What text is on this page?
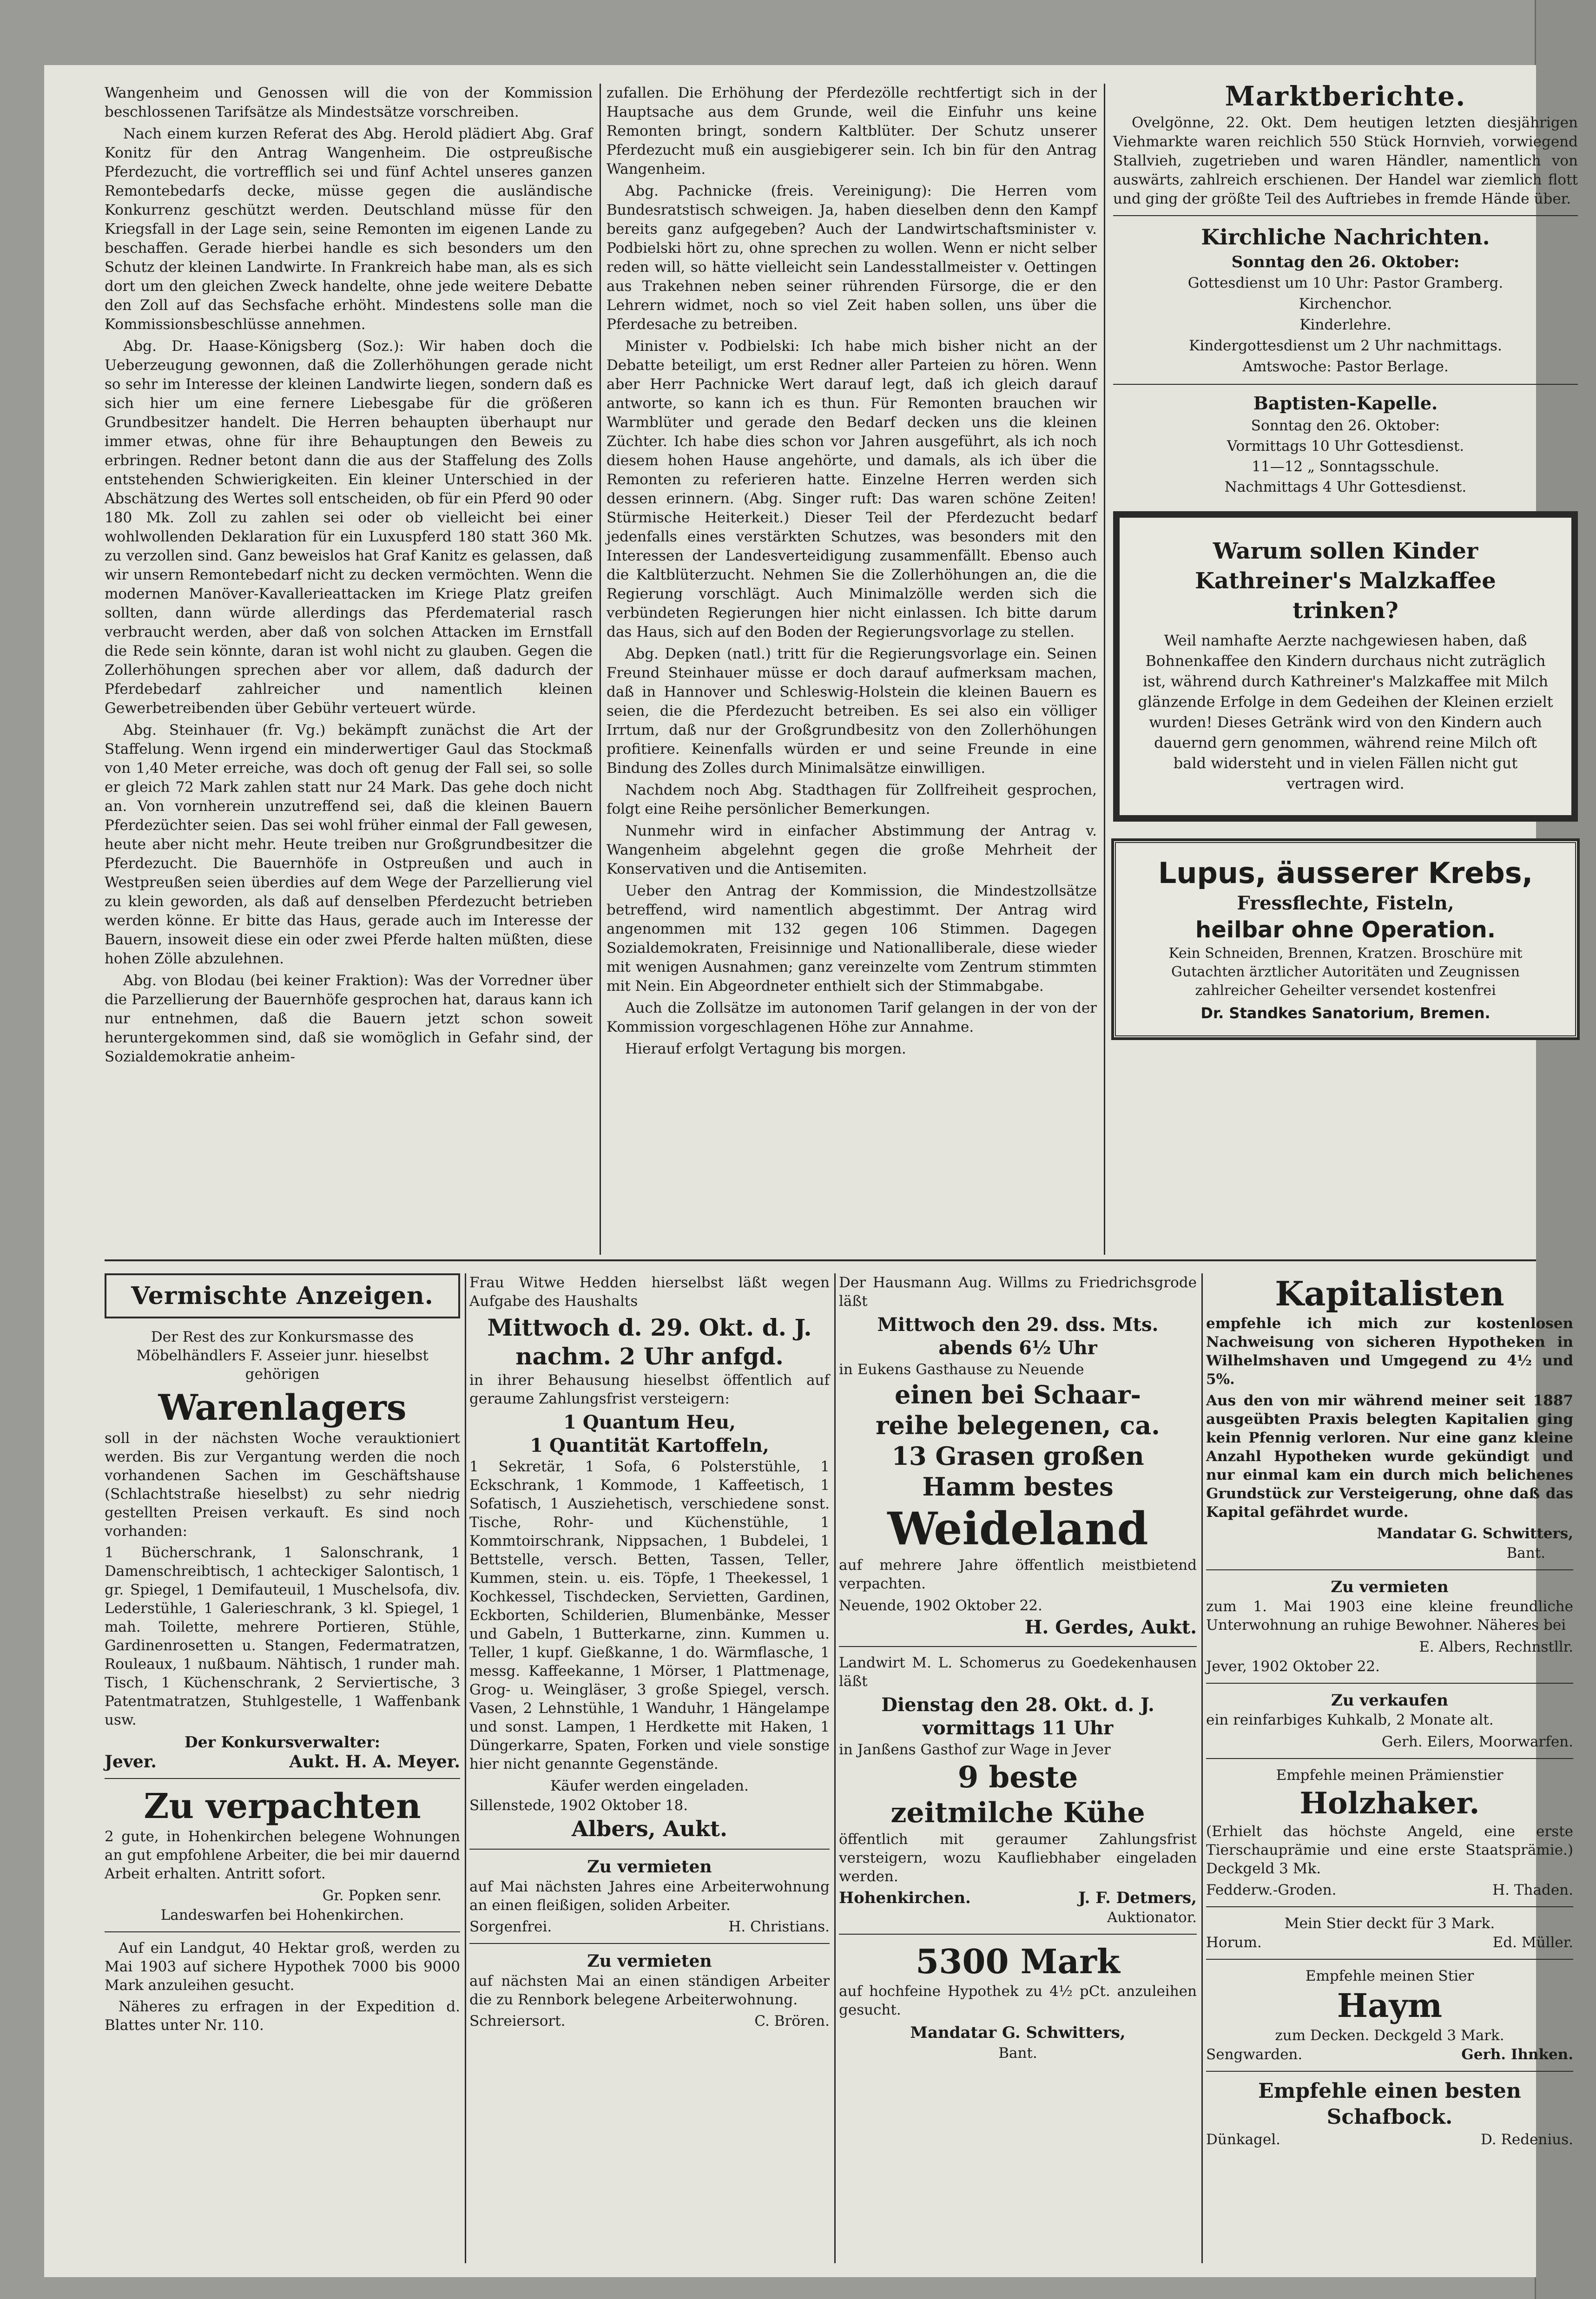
Wangenheim und Genossen will die von der Kommission beschlossenen Tarifsätze als Mindestsätze vorschreiben.

Nach einem kurzen Referat des Abg. Herold plädiert Abg. Graf Konitz für den Antrag Wangenheim. Die ostpreußische Pferdezucht, die vortrefflich sei und fünf Achtel unseres ganzen Remontebedarfs decke, müsse gegen die ausländische Konkurrenz geschützt werden. Deutschland müsse für den Kriegsfall in der Lage sein, seine Remonten im eigenen Lande zu beschaffen. Gerade hierbei handle es sich besonders um den Schutz der kleinen Landwirte. In Frankreich habe man, als es sich dort um den gleichen Zweck handelte, ohne jede weitere Debatte den Zoll auf das Sechsfache erhöht. Mindestens solle man die Kommissionsbeschlüsse annehmen.

Abg. Dr. Haase-Königsberg (Soz.): Wir haben doch die Ueberzeugung gewonnen, daß die Zollerhöhungen gerade nicht so sehr im Interesse der kleinen Landwirte liegen, sondern daß es sich hier um eine fernere Liebesgabe für die größeren Grundbesitzer handelt. Die Herren behaupten überhaupt nur immer etwas, ohne für ihre Behauptungen den Beweis zu erbringen. Redner betont dann die aus der Staffelung des Zolls entstehenden Schwierigkeiten. Ein kleiner Unterschied in der Abschätzung des Wertes soll entscheiden, ob für ein Pferd 90 oder 180 Mk. Zoll zu zahlen sei oder ob vielleicht bei einer wohlwollenden Deklaration für ein Luxuspferd 180 statt 360 Mk. zu verzollen sind. Ganz beweislos hat Graf Kanitz es gelassen, daß wir unsern Remontebedarf nicht zu decken vermöchten. Wenn die modernen Manöver-Kavallerieattacken im Kriege Platz greifen sollten, dann würde allerdings das Pferdematerial rasch verbraucht werden, aber daß von solchen Attacken im Ernstfall die Rede sein könnte, daran ist wohl nicht zu glauben. Gegen die Zollerhöhungen sprechen aber vor allem, daß dadurch der Pferdebedarf zahlreicher und namentlich kleinen Gewerbetreibenden über Gebühr verteuert würde.

Abg. Steinhauer (fr. Vg.) bekämpft zunächst die Art der Staffelung. Wenn irgend ein minderwertiger Gaul das Stockmaß von 1,40 Meter erreiche, was doch oft genug der Fall sei, so solle er gleich 72 Mark zahlen statt nur 24 Mark. Das gehe doch nicht an. Von vornherein unzutreffend sei, daß die kleinen Bauern Pferdezüchter seien. Das sei wohl früher einmal der Fall gewesen, heute aber nicht mehr. Heute treiben nur Großgrundbesitzer die Pferdezucht. Die Bauernhöfe in Ostpreußen und auch in Westpreußen seien überdies auf dem Wege der Parzellierung viel zu klein geworden, als daß auf denselben Pferdezucht betrieben werden könne. Er bitte das Haus, gerade auch im Interesse der Bauern, insoweit diese ein oder zwei Pferde halten müßten, diese hohen Zölle abzulehnen.

Abg. von Blodau (bei keiner Fraktion): Was der Vorredner über die Parzellierung der Bauernhöfe gesprochen hat, daraus kann ich nur entnehmen, daß die Bauern jetzt schon soweit heruntergekommen sind, daß sie womöglich in Gefahr sind, der Sozialdemokratie anheim-

zufallen. Die Erhöhung der Pferdezölle rechtfertigt sich in der Hauptsache aus dem Grunde, weil die Einfuhr uns keine Remonten bringt, sondern Kaltblüter. Der Schutz unserer Pferdezucht muß ein ausgiebigerer sein. Ich bin für den Antrag Wangenheim.

Abg. Pachnicke (freis. Vereinigung): Die Herren vom Bundesratstisch schweigen. Ja, haben dieselben denn den Kampf bereits ganz aufgegeben? Auch der Landwirtschaftsminister v. Podbielski hört zu, ohne sprechen zu wollen. Wenn er nicht selber reden will, so hätte vielleicht sein Landesstallmeister v. Oettingen aus Trakehnen neben seiner rührenden Fürsorge, die er den Lehrern widmet, noch so viel Zeit haben sollen, uns über die Pferdesache zu betreiben.

Minister v. Podbielski: Ich habe mich bisher nicht an der Debatte beteiligt, um erst Redner aller Parteien zu hören. Wenn aber Herr Pachnicke Wert darauf legt, daß ich gleich darauf antworte, so kann ich es thun. Für Remonten brauchen wir Warmblüter und gerade den Bedarf decken uns die kleinen Züchter. Ich habe dies schon vor Jahren ausgeführt, als ich noch diesem hohen Hause angehörte, und damals, als ich über die Remonten zu referieren hatte. Einzelne Herren werden sich dessen erinnern. (Abg. Singer ruft: Das waren schöne Zeiten! Stürmische Heiterkeit.) Dieser Teil der Pferdezucht bedarf jedenfalls eines verstärkten Schutzes, was besonders mit den Interessen der Landesverteidigung zusammenfällt. Ebenso auch die Kaltblüterzucht. Nehmen Sie die Zollerhöhungen an, die die Regierung vorschlägt. Auch Minimalzölle werden sich die verbündeten Regierungen hier nicht einlassen. Ich bitte darum das Haus, sich auf den Boden der Regierungsvorlage zu stellen.

Abg. Depken (natl.) tritt für die Regierungsvorlage ein. Seinen Freund Steinhauer müsse er doch darauf aufmerksam machen, daß in Hannover und Schleswig-Holstein die kleinen Bauern es seien, die die Pferdezucht betreiben. Es sei also ein völliger Irrtum, daß nur der Großgrundbesitz von den Zollerhöhungen profitiere. Keinenfalls würden er und seine Freunde in eine Bindung des Zolles durch Minimalsätze einwilligen.

Nachdem noch Abg. Stadthagen für Zollfreiheit gesprochen, folgt eine Reihe persönlicher Bemerkungen.

Nunmehr wird in einfacher Abstimmung der Antrag v. Wangenheim abgelehnt gegen die große Mehrheit der Konservativen und die Antisemiten.

Ueber den Antrag der Kommission, die Mindestzollsätze betreffend, wird namentlich abgestimmt. Der Antrag wird angenommen mit 132 gegen 106 Stimmen. Dagegen Sozialdemokraten, Freisinnige und Nationalliberale, diese wieder mit wenigen Ausnahmen; ganz vereinzelte vom Zentrum stimmten mit Nein. Ein Abgeordneter enthielt sich der Stimmabgabe.

Auch die Zollsätze im autonomen Tarif gelangen in der von der Kommission vorgeschlagenen Höhe zur Annahme.

Hierauf erfolgt Vertagung bis morgen.

Marktberichte.

Ovelgönne, 22. Okt. Dem heutigen letzten diesjährigen Viehmarkte waren reichlich 550 Stück Hornvieh, vorwiegend Stallvieh, zugetrieben und waren Händler, namentlich von auswärts, zahlreich erschienen. Der Handel war ziemlich flott und ging der größte Teil des Auftriebes in fremde Hände über.

Kirchliche Nachrichten.
Sonntag den 26. Oktober:
Gottesdienst um 10 Uhr: Pastor Gramberg.
Kirchenchor.
Kinderlehre.
Kindergottesdienst um 2 Uhr nachmittags.
Amtswoche: Pastor Berlage.
Baptisten-Kapelle.
Sonntag den 26. Oktober:
Vormittags 10 Uhr Gottesdienst.
11—12 „ Sonntagsschule.
Nachmittags 4 Uhr Gottesdienst.
Warum sollen Kinder
Kathreiner's Malzkaffee
trinken?

Weil namhafte Aerzte nachgewiesen haben, daß Bohnenkaffee den Kindern durchaus nicht zuträglich ist, während durch Kathreiner's Malzkaffee mit Milch glänzende Erfolge in dem Gedeihen der Kleinen erzielt wurden! Dieses Getränk wird von den Kindern auch dauernd gern genommen, während reine Milch oft bald widersteht und in vielen Fällen nicht gut vertragen wird.

Lupus, äusserer Krebs,
Fressflechte, Fisteln,
heilbar ohne Operation.

Kein Schneiden, Brennen, Kratzen. Broschüre mit Gutachten ärztlicher Autoritäten und Zeugnissen zahlreicher Geheilter versendet kostenfrei

Dr. Standkes Sanatorium, Bremen.
Vermischte Anzeigen.

Der Rest des zur Konkursmasse des Möbelhändlers F. Asseier junr. hieselbst gehörigen

Warenlagers

soll in der nächsten Woche verauktioniert werden. Bis zur Vergantung werden die noch vorhandenen Sachen im Geschäftshause (Schlachtstraße hieselbst) zu sehr niedrig gestellten Preisen verkauft. Es sind noch vorhanden:

1 Bücherschrank, 1 Salonschrank, 1 Damenschreibtisch, 1 achteckiger Salontisch, 1 gr. Spiegel, 1 Demifauteuil, 1 Muschelsofa, div. Lederstühle, 1 Galerieschrank, 3 kl. Spiegel, 1 mah. Toilette, mehrere Portieren, Stühle, Gardinenrosetten u. Stangen, Federmatratzen, Rouleaux, 1 nußbaum. Nähtisch, 1 runder mah. Tisch, 1 Küchenschrank, 2 Serviertische, 3 Patentmatratzen, Stuhlgestelle, 1 Waffenbank usw.

Der Konkursverwalter:
Jever.	Aukt. H. A. Meyer.
Zu verpachten

2 gute, in Hohenkirchen belegene Wohnungen an gut empfohlene Arbeiter, die bei mir dauernd Arbeit erhalten. Antritt sofort.

Gr. Popken senr.
Landeswarfen bei Hohenkirchen.

Auf ein Landgut, 40 Hektar groß, werden zu Mai 1903 auf sichere Hypothek 7000 bis 9000 Mark anzuleihen gesucht.

Näheres zu erfragen in der Expedition d. Blattes unter Nr. 110.

Frau Witwe Hedden hierselbst läßt wegen Aufgabe des Haushalts

Mittwoch d. 29. Okt. d. J.
nachm. 2 Uhr anfgd.

in ihrer Behausung hieselbst öffentlich auf geraume Zahlungsfrist versteigern:

1 Quantum Heu,
1 Quantität Kartoffeln,

1 Sekretär, 1 Sofa, 6 Polsterstühle, 1 Eckschrank, 1 Kommode, 1 Kaffeetisch, 1 Sofatisch, 1 Ausziehetisch, verschiedene sonst. Tische, Rohr- und Küchenstühle, 1 Kommtoirschrank, Nippsachen, 1 Bubdelei, 1 Bettstelle, versch. Betten, Tassen, Teller, Kummen, stein. u. eis. Töpfe, 1 Theekessel, 1 Kochkessel, Tischdecken, Servietten, Gardinen, Eckborten, Schilderien, Blumenbänke, Messer und Gabeln, 1 Butterkarne, zinn. Kummen u. Teller, 1 kupf. Gießkanne, 1 do. Wärmflasche, 1 messg. Kaffeekanne, 1 Mörser, 1 Plattmenage, Grog- u. Weingläser, 3 große Spiegel, versch. Vasen, 2 Lehnstühle, 1 Wanduhr, 1 Hängelampe und sonst. Lampen, 1 Herdkette mit Haken, 1 Düngerkarre, Spaten, Forken und viele sonstige hier nicht genannte Gegenstände.

Käufer werden eingeladen.
Sillenstede, 1902 Oktober 18.
Albers, Aukt.
Zu vermieten

auf Mai nächsten Jahres eine Arbeiterwohnung an einen fleißigen, soliden Arbeiter.

Sorgenfrei.	H. Christians.
Zu vermieten

auf nächsten Mai an einen ständigen Arbeiter die zu Rennbork belegene Arbeiterwohnung.

Schreiersort.	C. Brören.

Der Hausmann Aug. Willms zu Friedrichsgrode läßt

Mittwoch den 29. dss. Mts.
abends 6½ Uhr
in Eukens Gasthause zu Neuende
einen bei Schaar-
reihe belegenen, ca.
13 Grasen großen
Hamm bestes
Weideland

auf mehrere Jahre öffentlich meistbietend verpachten.

Neuende, 1902 Oktober 22.
H. Gerdes, Aukt.

Landwirt M. L. Schomerus zu Goedekenhausen läßt

Dienstag den 28. Okt. d. J.
vormittags 11 Uhr
in Janßens Gasthof zur Wage in Jever
9 beste
zeitmilche Kühe

öffentlich mit geraumer Zahlungsfrist versteigern, wozu Kaufliebhaber eingeladen werden.

Hohenkirchen.	J. F. Detmers,
Auktionator.
5300 Mark

auf hochfeine Hypothek zu 4½ pCt. anzuleihen gesucht.

Mandatar G. Schwitters,
Bant.
Kapitalisten

empfehle ich mich zur kostenlosen Nachweisung von sicheren Hypotheken in Wilhelmshaven und Umgegend zu 4½ und 5%.

Aus den von mir während meiner seit 1887 ausgeübten Praxis belegten Kapitalien ging kein Pfennig verloren. Nur eine ganz kleine Anzahl Hypotheken wurde gekündigt und nur einmal kam ein durch mich belichenes Grundstück zur Versteigerung, ohne daß das Kapital gefährdet wurde.

Mandatar G. Schwitters,
Bant.
Zu vermieten

zum 1. Mai 1903 eine kleine freundliche Unterwohnung an ruhige Bewohner. Näheres bei

E. Albers, Rechnstllr.
Jever, 1902 Oktober 22.
Zu verkaufen

ein reinfarbiges Kuhkalb, 2 Monate alt.

Gerh. Eilers, Moorwarfen.
Empfehle meinen Prämienstier
Holzhaker.

(Erhielt das höchste Angeld, eine erste Tierschauprämie und eine erste Staatsprämie.) Deckgeld 3 Mk.

Fedderw.-Groden.	H. Thaden.
Mein Stier deckt für 3 Mark.
Horum.	Ed. Müller.
Empfehle meinen Stier
Haym
zum Decken. Deckgeld 3 Mark.
Sengwarden.	Gerh. Ihnken.
Empfehle einen besten Schafbock.
Dünkagel.	D. Redenius.
